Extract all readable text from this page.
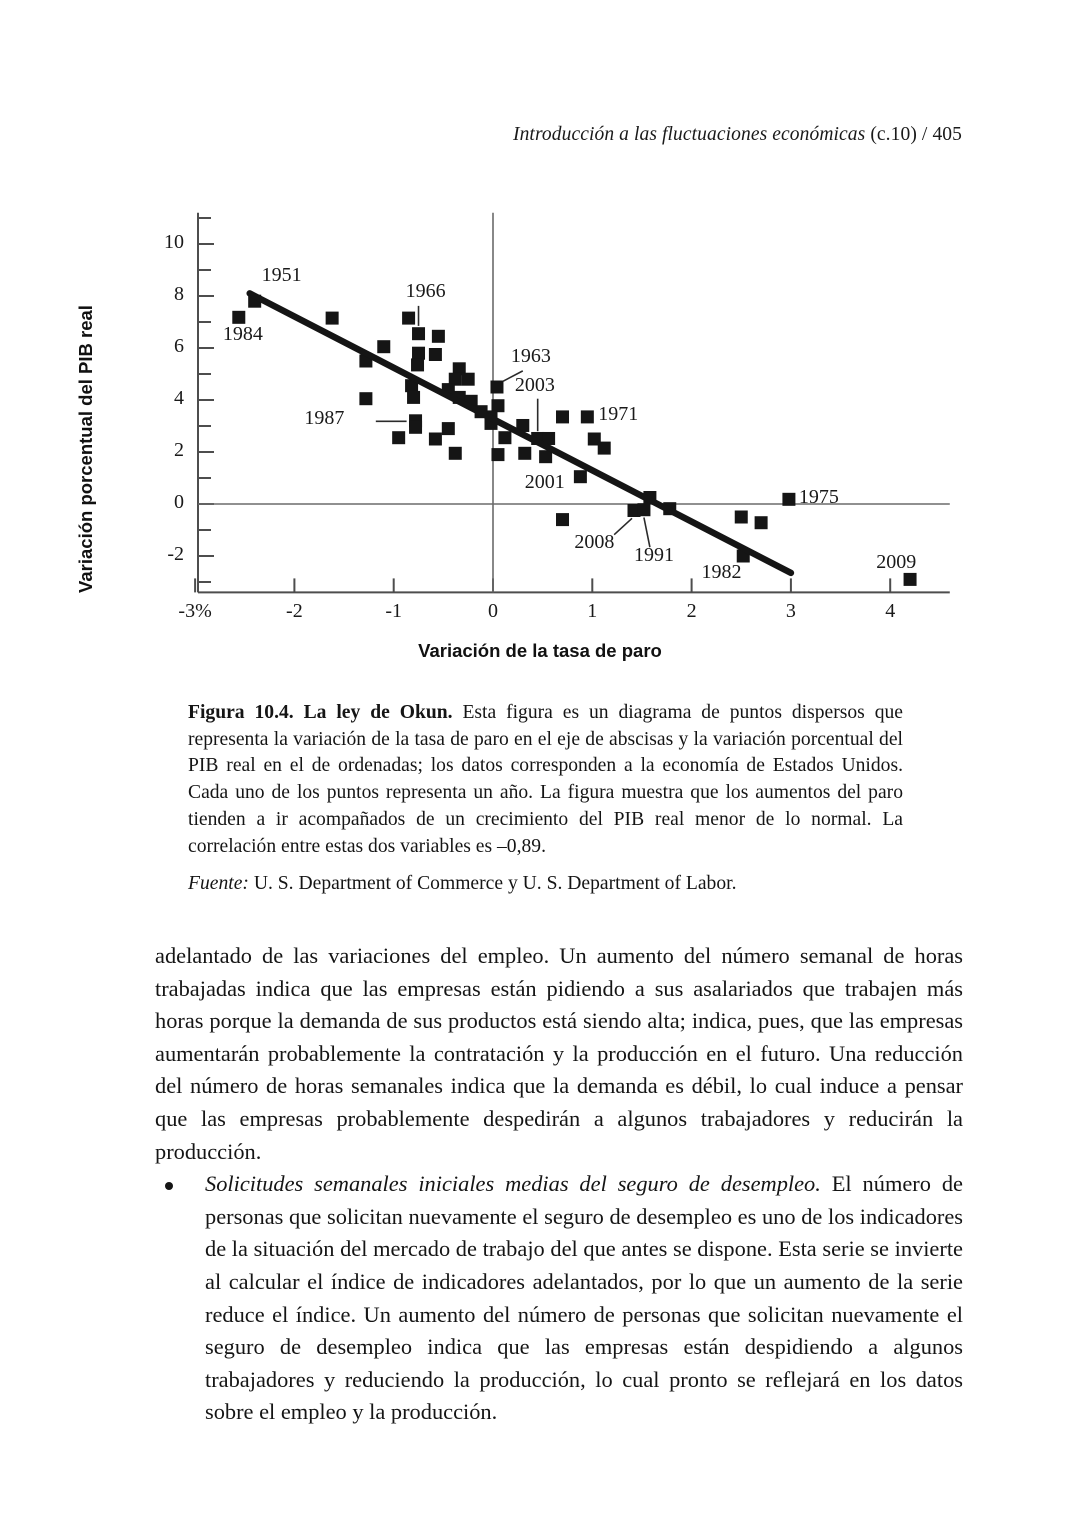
Introducción a las fluctuaciones económicas (c.10) / 405
Variación porcentual del PIB real
Variación de la tasa de paro
10
8
6
4
2
0
-2
-3%	-2	-1	0	1	2	3	4
1951
1984
1966
1963
2003
1987	1971
2001
2008
1991
1975
1982	2009
Figura 10.4. La ley de Okun. Esta figura es un diagrama de puntos dispersos que representa la variación de la tasa de paro en el eje de abscisas y la variación porcentual del PIB real en el de ordenadas; los datos corresponden a la economía de Estados Unidos. Cada uno de los puntos representa un año. La figura muestra que los aumentos del paro tienden a ir acompañados de un crecimiento del PIB real menor de lo normal. La correlación entre estas dos variables es –0,89.
Fuente: U. S. Department of Commerce y U. S. Department of Labor.

adelantado de las variaciones del empleo. Un aumento del número semanal de horas trabajadas indica que las empresas están pidiendo a sus asalariados que trabajen más horas porque la demanda de sus productos está siendo alta; indica, pues, que las empresas aumentarán probablemente la contratación y la producción en el futuro. Una reducción del número de horas semanales indica que la demanda es débil, lo cual induce a pensar que las empresas probablemente despedirán a algunos trabajadores y reducirán la producción.

Solicitudes semanales iniciales medias del seguro de desempleo. El número de personas que solicitan nuevamente el seguro de desempleo es uno de los indicadores de la situación del mercado de trabajo del que antes se dispone. Esta serie se invierte al calcular el índice de indicadores adelantados, por lo que un aumento de la serie reduce el índice. Un aumento del número de personas que solicitan nuevamente el seguro de desempleo indica que las empresas están despidiendo a algunos trabajadores y reduciendo la producción, lo cual pronto se reflejará en los datos sobre el empleo y la producción.
